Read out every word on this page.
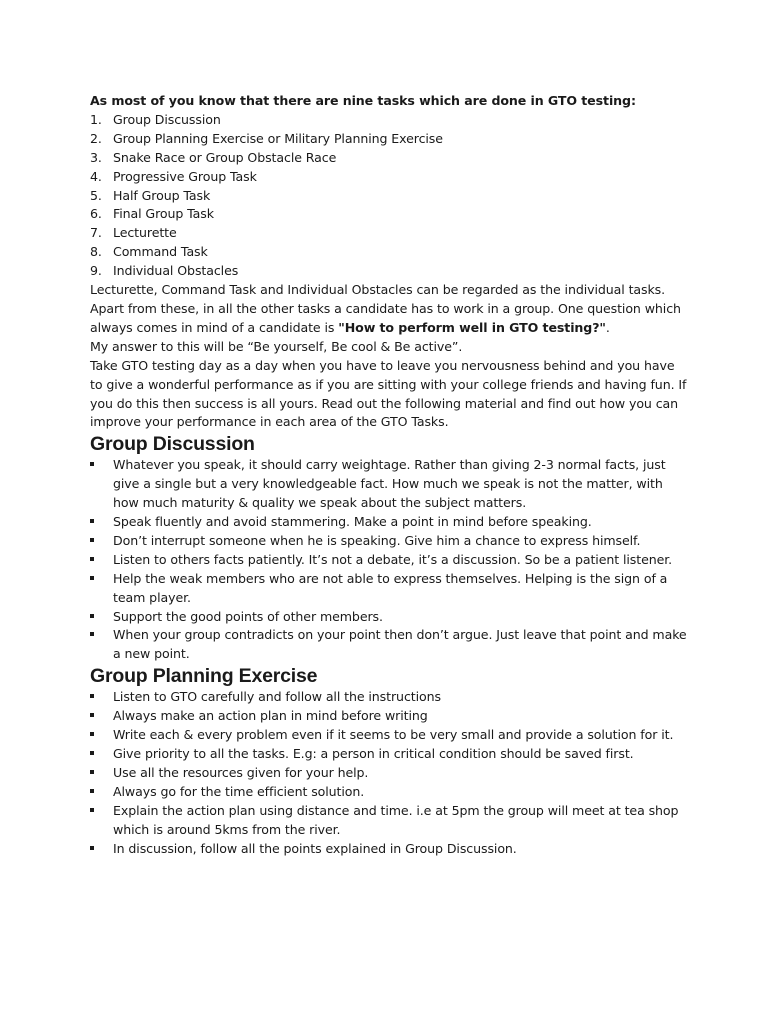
As most of you know that there are nine tasks which are done in GTO testing:

1. Group Discussion
2. Group Planning Exercise or Military Planning Exercise
3. Snake Race or Group Obstacle Race
4. Progressive Group Task
5. Half Group Task
6. Final Group Task
7. Lecturette
8. Command Task
9. Individual Obstacles

Lecturette, Command Task and Individual Obstacles can be regarded as the individual tasks. Apart from these, in all the other tasks a candidate has to work in a group. One question which always comes in mind of a candidate is "How to perform well in GTO testing?".

My answer to this will be “Be yourself, Be cool & Be active”.

Take GTO testing day as a day when you have to leave you nervousness behind and you have to give a wonderful performance as if you are sitting with your college friends and having fun. If you do this then success is all yours. Read out the following material and find out how you can improve your performance in each area of the GTO Tasks.

Group Discussion
Whatever you speak, it should carry weightage. Rather than giving 2-3 normal facts, just give a single but a very knowledgeable fact. How much we speak is not the matter, with how much maturity & quality we speak about the subject matters.
Speak fluently and avoid stammering. Make a point in mind before speaking.
Don’t interrupt someone when he is speaking. Give him a chance to express himself.
Listen to others facts patiently. It’s not a debate, it’s a discussion. So be a patient listener.
Help the weak members who are not able to express themselves. Helping is the sign of a team player.
Support the good points of other members.
When your group contradicts on your point then don’t argue. Just leave that point and make a new point.
Group Planning Exercise
Listen to GTO carefully and follow all the instructions
Always make an action plan in mind before writing
Write each & every problem even if it seems to be very small and provide a solution for it.
Give priority to all the tasks. E.g: a person in critical condition should be saved first.
Use all the resources given for your help.
Always go for the time efficient solution.
Explain the action plan using distance and time. i.e at 5pm the group will meet at tea shop which is around 5kms from the river.
In discussion, follow all the points explained in Group Discussion.
